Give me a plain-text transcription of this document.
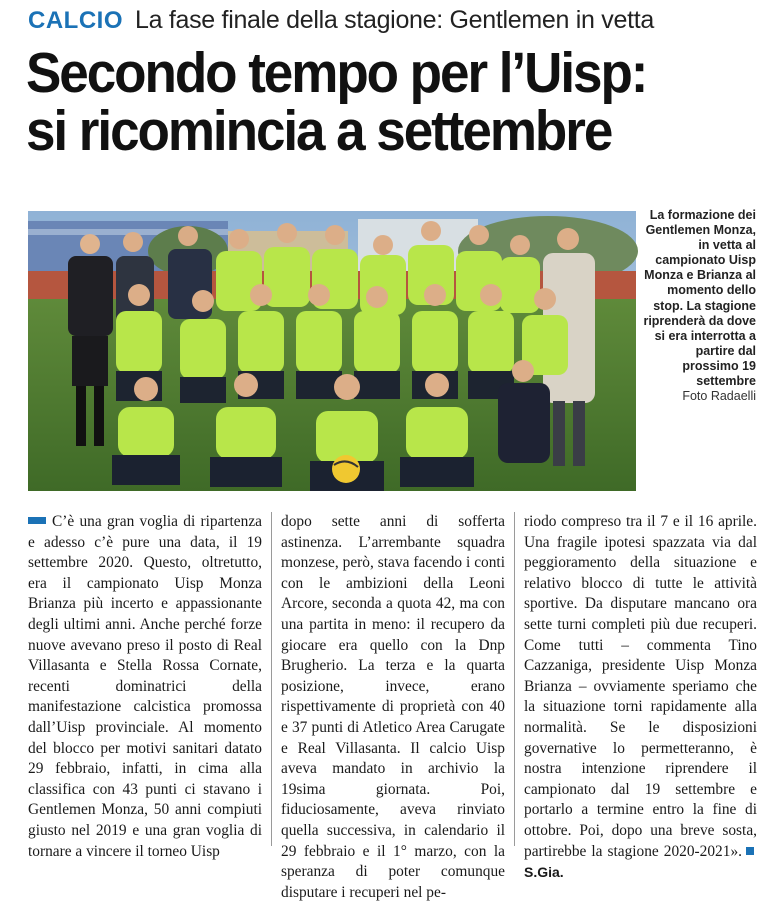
CALCIO La fase finale della stagione: Gentlemen in vetta
Secondo tempo per l’Uisp:
si ricomincia a settembre
La formazione dei Gentlemen Monza, in vetta al campionato Uisp Monza e Brianza al momento dello stop. La stagione riprenderà da dove si era interrotta a partire dal prossimo 19 settembre
Foto Radaelli

C’è una gran voglia di ripartenza e adesso c’è pure una data, il 19 settembre 2020. Questo, oltretutto, era il campionato Uisp Monza Brianza più incerto e appassionante degli ultimi anni. Anche perché forze nuove avevano preso il posto di Real Villasanta e Stella Rossa Cornate, recenti dominatrici della manifestazione calcistica promossa dall’Uisp provinciale. Al momento del blocco per motivi sanitari datato 29 febbraio, infatti, in cima alla classifica con 43 punti ci stavano i Gentlemen Monza, 50 anni compiuti giusto nel 2019 e una gran voglia di tornare a vincere il torneo Uisp

dopo sette anni di sofferta astinenza. L’arrembante squadra monzese, però, stava facendo i conti con le ambizioni della Leoni Arcore, seconda a quota 42, ma con una partita in meno: il recupero da giocare era quello con la Dnp Brugherio. La terza e la quarta posizione, invece, erano rispettivamente di proprietà con 40 e 37 punti di Atletico Area Carugate e Real Villasanta. Il calcio Uisp aveva mandato in archivio la 19sima giornata. Poi, fiduciosamente, aveva rinviato quella successiva, in calendario il 29 febbraio e il 1° marzo, con la speranza di poter comunque disputare i recuperi nel pe-

riodo compreso tra il 7 e il 16 aprile. Una fragile ipotesi spazzata via dal peggioramento della situazione e relativo blocco di tutte le attività sportive. Da disputare mancano ora sette turni completi più due recuperi. Come tutti – commenta Tino Cazzaniga, presidente Uisp Monza Brianza – ovviamente speriamo che la situazione torni rapidamente alla normalità. Se le disposizioni governative lo permetteranno, è nostra intenzione riprendere il campionato dal 19 settembre e portarlo a termine entro la fine di ottobre. Poi, dopo una breve sosta, partirebbe la stagione 2020-2021».S.Gia.
